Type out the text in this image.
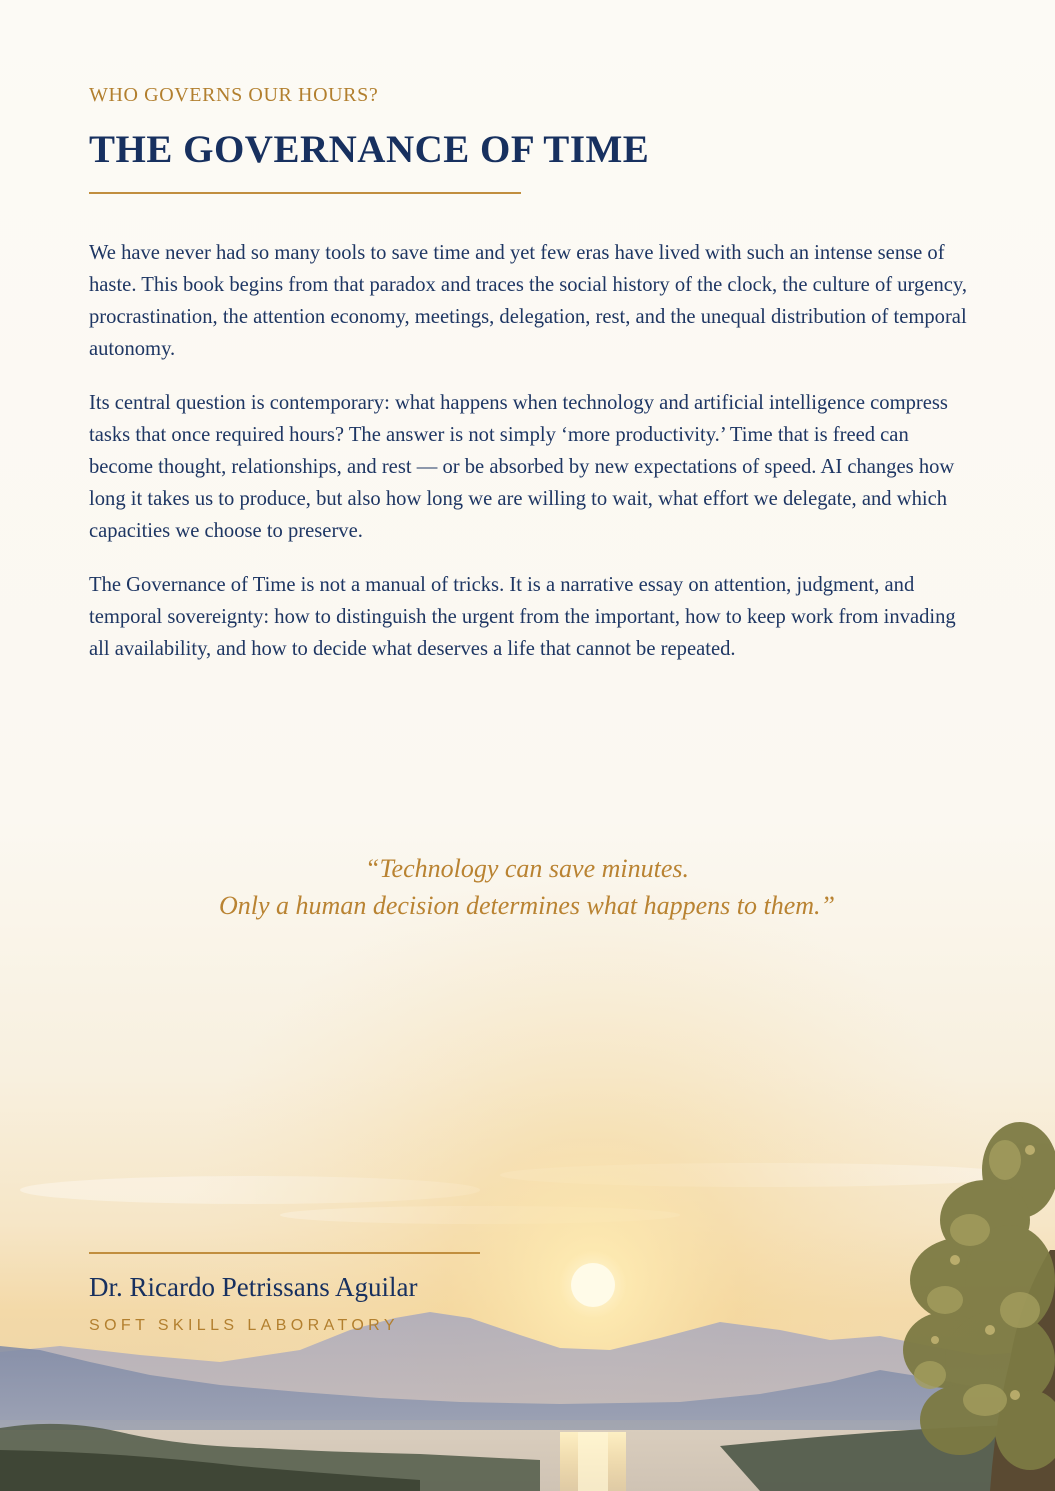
WHO GOVERNS OUR HOURS?
THE GOVERNANCE OF TIME

We have never had so many tools to save time and yet few eras have lived with such an intense sense of haste. This book begins from that paradox and traces the social history of the clock, the culture of urgency, procrastination, the attention economy, meetings, delegation, rest, and the unequal distribution of temporal autonomy.

Its central question is contemporary: what happens when technology and artificial intelligence compress tasks that once required hours? The answer is not simply ‘more productivity.’ Time that is freed can become thought, relationships, and rest — or be absorbed by new expectations of speed. AI changes how long it takes us to produce, but also how long we are willing to wait, what effort we delegate, and which capacities we choose to preserve.

The Governance of Time is not a manual of tricks. It is a narrative essay on attention, judgment, and temporal sovereignty: how to distinguish the urgent from the important, how to keep work from invading all availability, and how to decide what deserves a life that cannot be repeated.

“Technology can save minutes.
Only a human decision determines what happens to them.”
Dr. Ricardo Petrissans Aguilar
SOFT SKILLS LABORATORY
